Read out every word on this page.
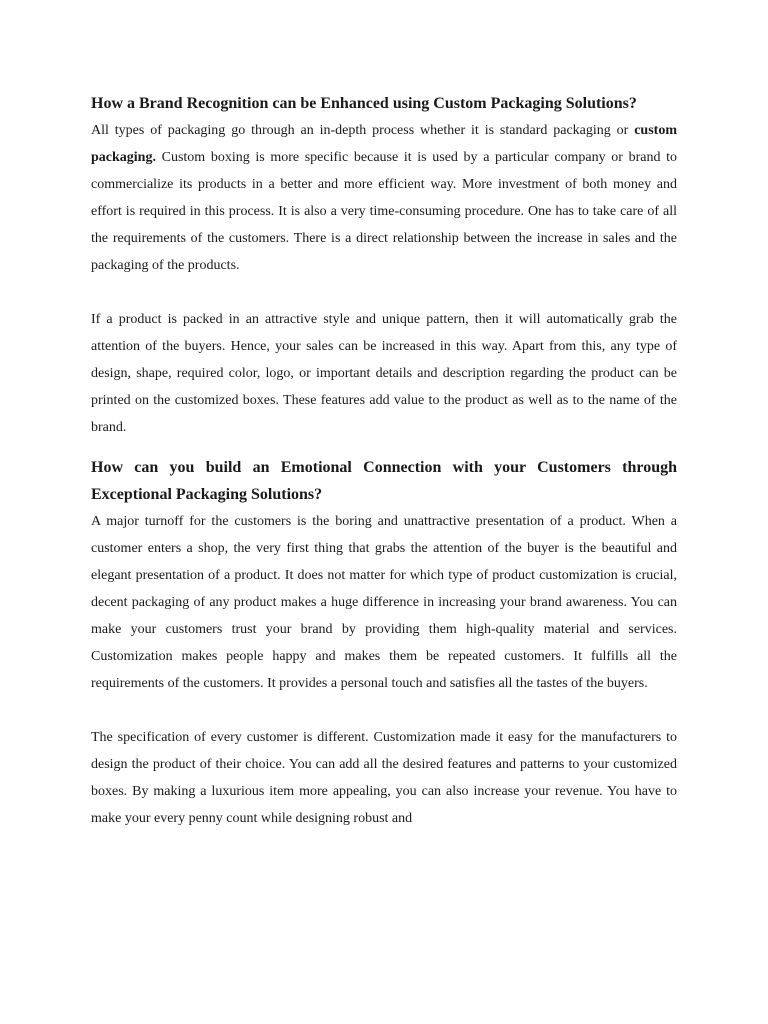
How a Brand Recognition can be Enhanced using Custom Packaging Solutions?

All types of packaging go through an in-depth process whether it is standard packaging or custom packaging. Custom boxing is more specific because it is used by a particular company or brand to commercialize its products in a better and more efficient way. More investment of both money and effort is required in this process. It is also a very time-consuming procedure. One has to take care of all the requirements of the customers. There is a direct relationship between the increase in sales and the packaging of the products.

If a product is packed in an attractive style and unique pattern, then it will automatically grab the attention of the buyers. Hence, your sales can be increased in this way. Apart from this, any type of design, shape, required color, logo, or important details and description regarding the product can be printed on the customized boxes. These features add value to the product as well as to the name of the brand.

How can you build an Emotional Connection with your Customers through Exceptional Packaging Solutions?

A major turnoff for the customers is the boring and unattractive presentation of a product. When a customer enters a shop, the very first thing that grabs the attention of the buyer is the beautiful and elegant presentation of a product. It does not matter for which type of product customization is crucial, decent packaging of any product makes a huge difference in increasing your brand awareness. You can make your customers trust your brand by providing them high-quality material and services. Customization makes people happy and makes them be repeated customers. It fulfills all the requirements of the customers. It provides a personal touch and satisfies all the tastes of the buyers.

The specification of every customer is different. Customization made it easy for the manufacturers to design the product of their choice. You can add all the desired features and patterns to your customized boxes. By making a luxurious item more appealing, you can also increase your revenue. You have to make your every penny count while designing robust and
